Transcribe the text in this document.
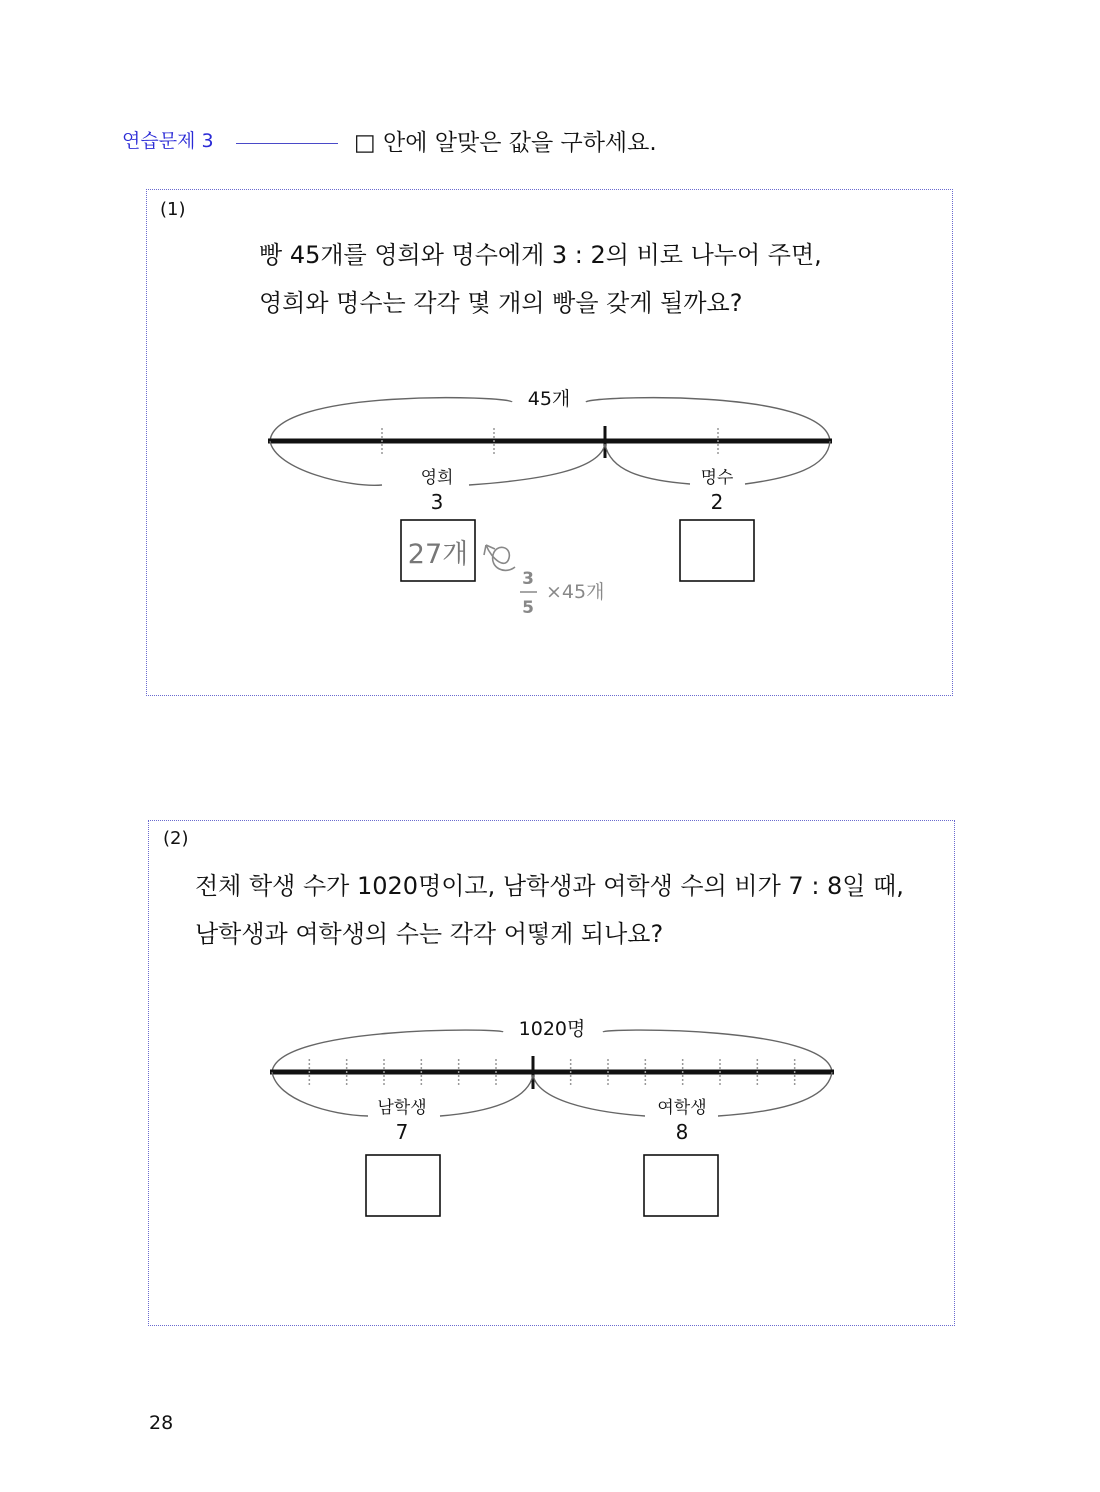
연습문제 3	□ 안에 알맞은 값을 구하세요.
(1)
빵 45개를 영희와 명수에게 3 : 2의 비로 나누어 주면,
영희와 명수는 각각 몇 개의 빵을 갖게 될까요?
(2)
전체 학생 수가 1020명이고, 남학생과 여학생 수의 비가 7 : 8일 때,
남학생과 여학생의 수는 각각 어떻게 되나요?
45개
영희
3
명수
2
27개
3
5
×45개
1020명
남학생
7
여학생
8
28
